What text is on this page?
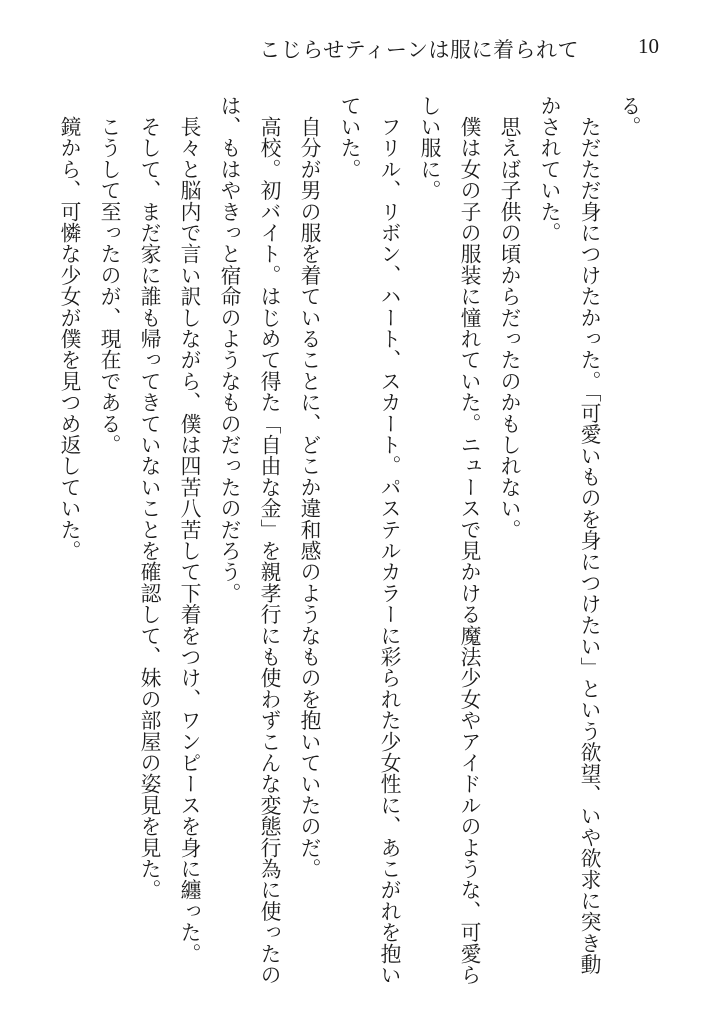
こじらせティーンは服に着られて	10

る。

　ただただ身につけたかった。「可愛いものを身につけたい」という欲望、いや欲求に突き動

かされていた。

　思えば子供の頃からだったのかもしれない。

　僕は女の子の服装に憧れていた。ニュースで見かける魔法少女やアイドルのような、可愛ら

しい服に。

　フリル、リボン、ハート、スカート。パステルカラーに彩られた少女性に、あこがれを抱い

ていた。

　自分が男の服を着ていることに、どこか違和感のようなものを抱いていたのだ。

　高校。初バイト。はじめて得た「自由な金」を親孝行にも使わずこんな変態行為に使ったの

は、もはやきっと宿命のようなものだったのだろう。

　長々と脳内で言い訳しながら、僕は四苦八苦して下着をつけ、ワンピースを身に纏った。

　そして、まだ家に誰も帰ってきていないことを確認して、妹の部屋の姿見を見た。

　こうして至ったのが、現在である。

　鏡から、可憐な少女が僕を見つめ返していた。
